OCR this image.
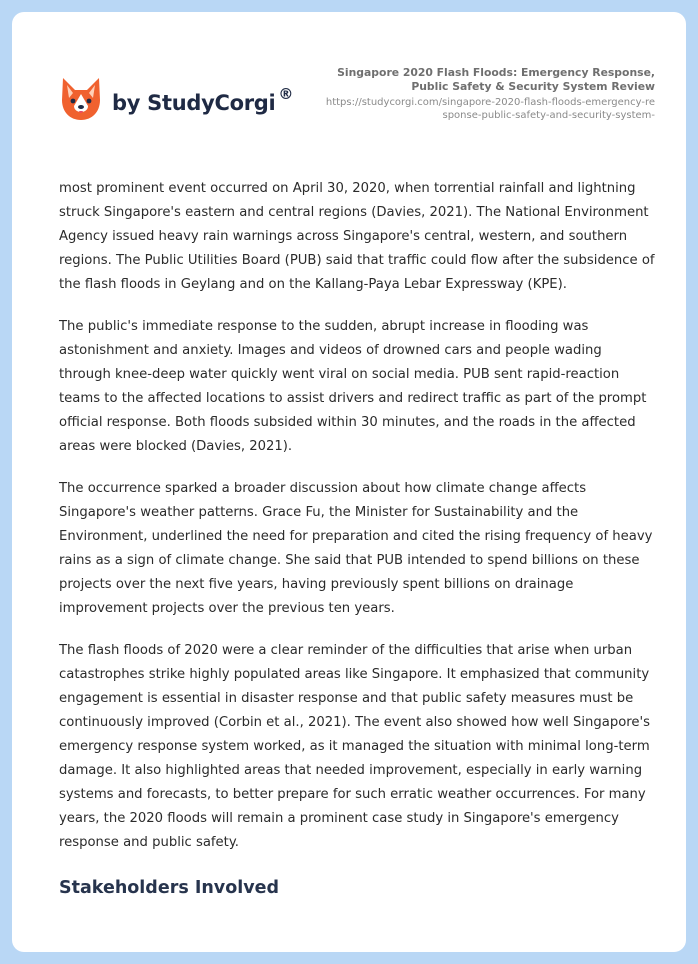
by StudyCorgi ®
Singapore 2020 Flash Floods: Emergency Response, Public Safety & Security System Review
https://studycorgi.com/singapore-2020-flash-floods-emergency-response-public-safety-and-security-system-

most prominent event occurred on April 30, 2020, when torrential rainfall and lightning struck Singapore's eastern and central regions (Davies, 2021). The National Environment Agency issued heavy rain warnings across Singapore's central, western, and southern regions. The Public Utilities Board (PUB) said that traffic could flow after the subsidence of the flash floods in Geylang and on the Kallang-Paya Lebar Expressway (KPE).

The public's immediate response to the sudden, abrupt increase in flooding was astonishment and anxiety. Images and videos of drowned cars and people wading through knee-deep water quickly went viral on social media. PUB sent rapid-reaction teams to the affected locations to assist drivers and redirect traffic as part of the prompt official response. Both floods subsided within 30 minutes, and the roads in the affected areas were blocked (Davies, 2021).

The occurrence sparked a broader discussion about how climate change affects Singapore's weather patterns. Grace Fu, the Minister for Sustainability and the Environment, underlined the need for preparation and cited the rising frequency of heavy rains as a sign of climate change. She said that PUB intended to spend billions on these projects over the next five years, having previously spent billions on drainage improvement projects over the previous ten years.

The flash floods of 2020 were a clear reminder of the difficulties that arise when urban catastrophes strike highly populated areas like Singapore. It emphasized that community engagement is essential in disaster response and that public safety measures must be continuously improved (Corbin et al., 2021). The event also showed how well Singapore's emergency response system worked, as it managed the situation with minimal long-term damage. It also highlighted areas that needed improvement, especially in early warning systems and forecasts, to better prepare for such erratic weather occurrences. For many years, the 2020 floods will remain a prominent case study in Singapore's emergency response and public safety.

Stakeholders Involved
